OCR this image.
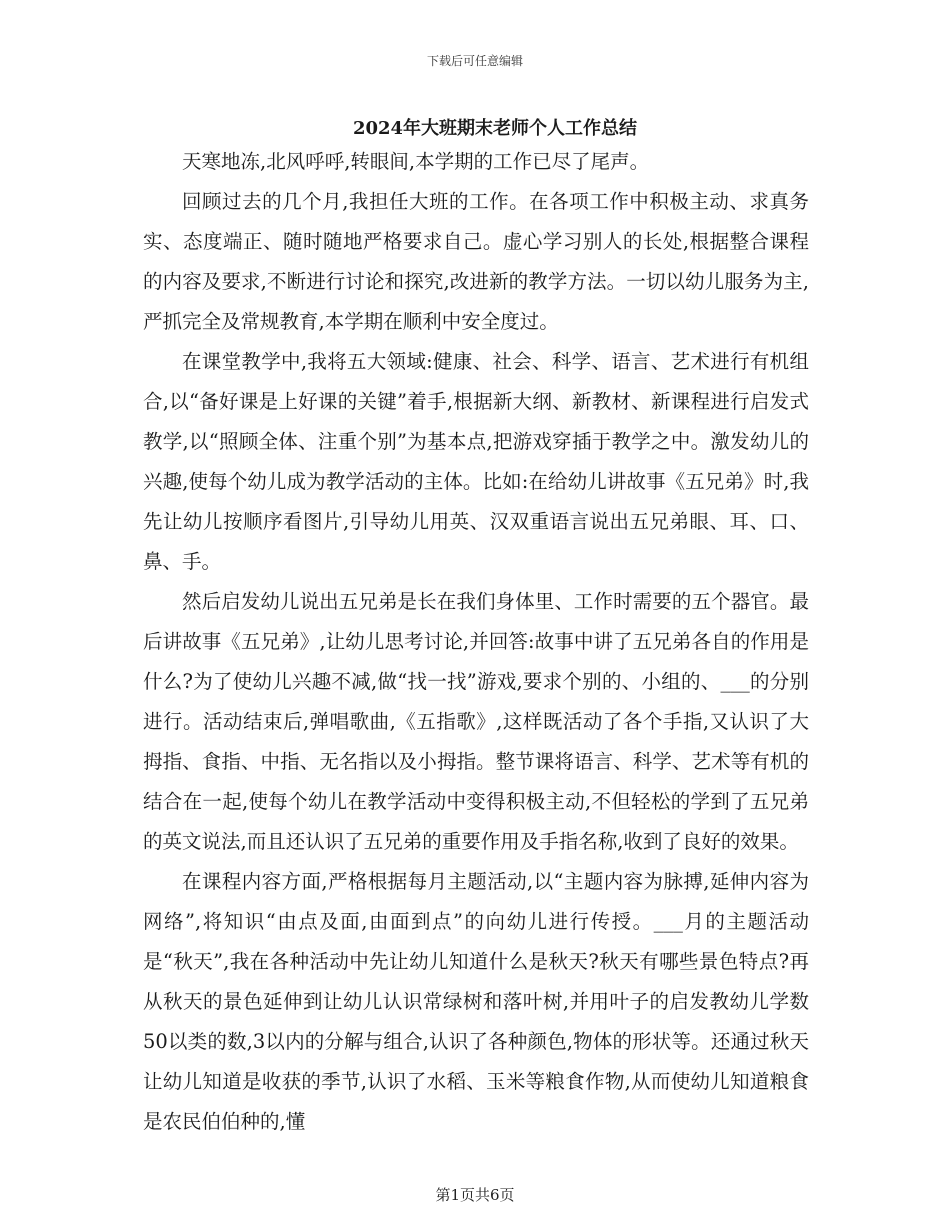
下载后可任意编辑
2024年大班期末老师个人工作总结

天寒地冻,北风呼呼,转眼间,本学期的工作已尽了尾声。

回顾过去的几个月,我担任大班的工作。在各项工作中积极主动、求真务实、态度端正、随时随地严格要求自己。虚心学习别人的长处,根据整合课程的内容及要求,不断进行讨论和探究,改进新的教学方法。一切以幼儿服务为主,严抓完全及常规教育,本学期在顺利中安全度过。

在课堂教学中,我将五大领域:健康、社会、科学、语言、艺术进行有机组合,以“备好课是上好课的关键”着手,根据新大纲、新教材、新课程进行启发式教学,以“照顾全体、注重个别”为基本点,把游戏穿插于教学之中。激发幼儿的兴趣,使每个幼儿成为教学活动的主体。比如:在给幼儿讲故事《五兄弟》时,我先让幼儿按顺序看图片,引导幼儿用英、汉双重语言说出五兄弟眼、耳、口、鼻、手。

然后启发幼儿说出五兄弟是长在我们身体里、工作时需要的五个器官。最后讲故事《五兄弟》,让幼儿思考讨论,并回答:故事中讲了五兄弟各自的作用是什么?为了使幼儿兴趣不减,做“找一找”游戏,要求个别的、小组的、___的分别进行。活动结束后,弹唱歌曲,《五指歌》,这样既活动了各个手指,又认识了大拇指、食指、中指、无名指以及小拇指。整节课将语言、科学、艺术等有机的结合在一起,使每个幼儿在教学活动中变得积极主动,不但轻松的学到了五兄弟的英文说法,而且还认识了五兄弟的重要作用及手指名称,收到了良好的效果。

在课程内容方面,严格根据每月主题活动,以“主题内容为脉搏,延伸内容为网络”,将知识“由点及面,由面到点”的向幼儿进行传授。___月的主题活动是“秋天”,我在各种活动中先让幼儿知道什么是秋天?秋天有哪些景色特点?再从秋天的景色延伸到让幼儿认识常绿树和落叶树,并用叶子的启发教幼儿学数50以类的数,3以内的分解与组合,认识了各种颜色,物体的形状等。还通过秋天让幼儿知道是收获的季节,认识了水稻、玉米等粮食作物,从而使幼儿知道粮食是农民伯伯种的,懂

第1页共6页
